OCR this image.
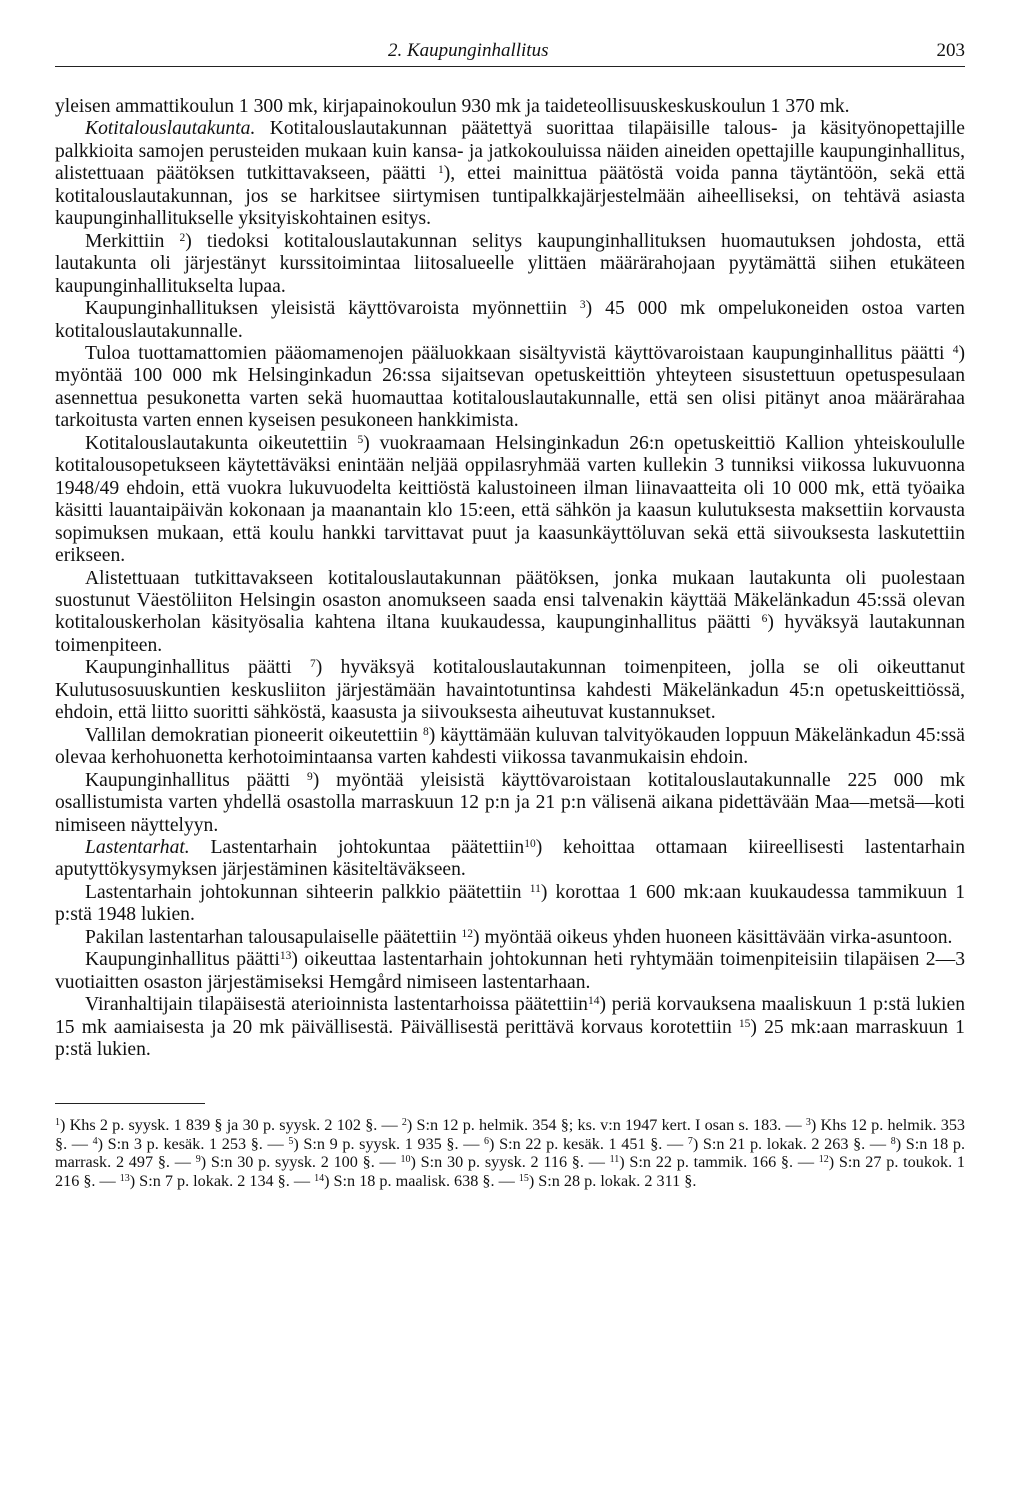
2. Kaupunginhallitus	203

yleisen ammattikoulun 1 300 mk, kirjapainokoulun 930 mk ja taideteollisuuskeskuskoulun 1 370 mk.

Kotitalouslautakunta. Kotitalouslautakunnan päätettyä suorittaa tilapäisille talous- ja käsityönopettajille palkkioita samojen perusteiden mukaan kuin kansa- ja jatkokouluissa näiden aineiden opettajille kaupunginhallitus, alistettuaan päätöksen tutkittavakseen, päätti $^1$), ettei mainittua päätöstä voida panna täytäntöön, sekä että kotitalouslautakunnan, jos se harkitsee siirtymisen tuntipalkkajärjestelmään aiheelliseksi, on tehtävä asiasta kaupunginhallitukselle yksityiskohtainen esitys.

Merkittiin $^2$) tiedoksi kotitalouslautakunnan selitys kaupunginhallituksen huomautuksen johdosta, että lautakunta oli järjestänyt kurssitoimintaa liitosalueelle ylittäen määrärahojaan pyytämättä siihen etukäteen kaupunginhallitukselta lupaa.

Kaupunginhallituksen yleisistä käyttövaroista myönnettiin $^3$) 45 000 mk ompelukoneiden ostoa varten kotitalouslautakunnalle.

Tuloa tuottamattomien pääomamenojen pääluokkaan sisältyvistä käyttövaroistaan kaupunginhallitus päätti $^4$) myöntää 100 000 mk Helsinginkadun 26:ssa sijaitsevan opetuskeittiön yhteyteen sisustettuun opetuspesulaan asennettua pesukonetta varten sekä huomauttaa kotitalouslautakunnalle, että sen olisi pitänyt anoa määrärahaa tarkoitusta varten ennen kyseisen pesukoneen hankkimista.

Kotitalouslautakunta oikeutettiin $^5$) vuokraamaan Helsinginkadun 26:n opetuskeittiö Kallion yhteiskoululle kotitalousopetukseen käytettäväksi enintään neljää oppilasryhmää varten kullekin 3 tunniksi viikossa lukuvuonna 1948/49 ehdoin, että vuokra lukuvuodelta keittiöstä kalustoineen ilman liinavaatteita oli 10 000 mk, että työaika käsitti lauantaipäivän kokonaan ja maanantain klo 15:een, että sähkön ja kaasun kulutuksesta maksettiin korvausta sopimuksen mukaan, että koulu hankki tarvittavat puut ja kaasunkäyttöluvan sekä että siivouksesta laskutettiin erikseen.

Alistettuaan tutkittavakseen kotitalouslautakunnan päätöksen, jonka mukaan lautakunta oli puolestaan suostunut Väestöliiton Helsingin osaston anomukseen saada ensi talvenakin käyttää Mäkelänkadun 45:ssä olevan kotitalouskerholan käsityösalia kahtena iltana kuukaudessa, kaupunginhallitus päätti $^6$) hyväksyä lautakunnan toimenpiteen.

Kaupunginhallitus päätti $^7$) hyväksyä kotitalouslautakunnan toimenpiteen, jolla se oli oikeuttanut Kulutusosuuskuntien keskusliiton järjestämään havaintotuntinsa kahdesti Mäkelänkadun 45:n opetuskeittiössä, ehdoin, että liitto suoritti sähköstä, kaasusta ja siivouksesta aiheutuvat kustannukset.

Vallilan demokratian pioneerit oikeutettiin $^8$) käyttämään kuluvan talvityökauden loppuun Mäkelänkadun 45:ssä olevaa kerhohuonetta kerhotoimintaansa varten kahdesti viikossa tavanmukaisin ehdoin.

Kaupunginhallitus päätti $^9$) myöntää yleisistä käyttövaroistaan kotitalouslautakunnalle 225 000 mk osallistumista varten yhdellä osastolla marraskuun 12 p:n ja 21 p:n välisenä aikana pidettävään Maa—metsä—koti nimiseen näyttelyyn.

Lastentarhat. Lastentarhain johtokuntaa päätettiin$^{10}$) kehoittaa ottamaan kiireellisesti lastentarhain aputyttökysymyksen järjestäminen käsiteltäväkseen.

Lastentarhain johtokunnan sihteerin palkkio päätettiin $^{11}$) korottaa 1 600 mk:aan kuukaudessa tammikuun 1 p:stä 1948 lukien.

Pakilan lastentarhan talousapulaiselle päätettiin $^{12}$) myöntää oikeus yhden huoneen käsittävään virka-asuntoon.

Kaupunginhallitus päätti$^{13}$) oikeuttaa lastentarhain johtokunnan heti ryhtymään toimenpiteisiin tilapäisen 2—3 vuotiaitten osaston järjestämiseksi Hemgård nimiseen lastentarhaan.

Viranhaltijain tilapäisestä aterioinnista lastentarhoissa päätettiin$^{14}$) periä korvauksena maaliskuun 1 p:stä lukien 15 mk aamiaisesta ja 20 mk päivällisestä. Päivällisestä perittävä korvaus korotettiin $^{15}$) 25 mk:aan marraskuun 1 p:stä lukien.

$^1$) Khs 2 p. syysk. 1 839 § ja 30 p. syysk. 2 102 §. — $^2$) S:n 12 p. helmik. 354 §; ks. v:n 1947 kert. I osan s. 183. — $^3$) Khs 12 p. helmik. 353 §. — $^4$) S:n 3 p. kesäk. 1 253 §. — $^5$) S:n 9 p. syysk. 1 935 §. — $^6$) S:n 22 p. kesäk. 1 451 §. — $^7$) S:n 21 p. lokak. 2 263 §. — $^8$) S:n 18 p. marrask. 2 497 §. — $^9$) S:n 30 p. syysk. 2 100 §. — $^{10}$) S:n 30 p. syysk. 2 116 §. — $^{11}$) S:n 22 p. tammik. 166 §. — $^{12}$) S:n 27 p. toukok. 1 216 §. — $^{13}$) S:n 7 p. lokak. 2 134 §. — $^{14}$) S:n 18 p. maalisk. 638 §. — $^{15}$) S:n 28 p. lokak. 2 311 §.
